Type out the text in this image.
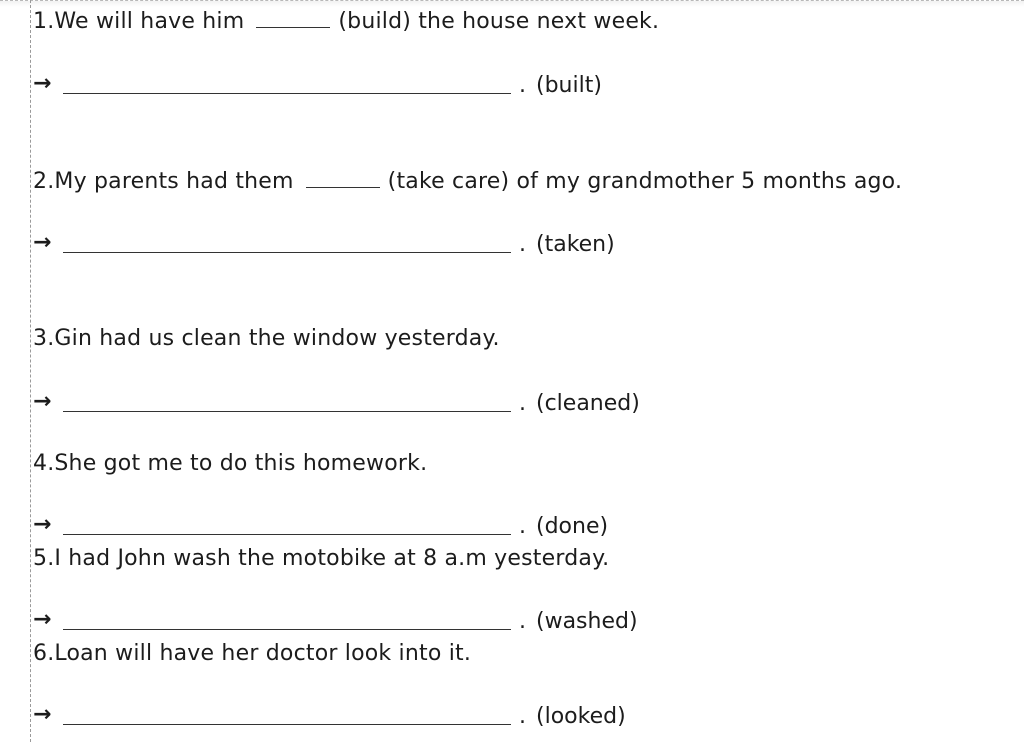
1.We will have him	(build) the house next week.
→	. (built)
2.My parents had them	(take care) of my grandmother 5 months ago.
→	. (taken)
3.Gin had us clean the window yesterday.
→	. (cleaned)
4.She got me to do this homework.
→	. (done)
5.I had John wash the motobike at 8 a.m yesterday.
→	. (washed)
6.Loan will have her doctor look into it.
→	. (looked)
